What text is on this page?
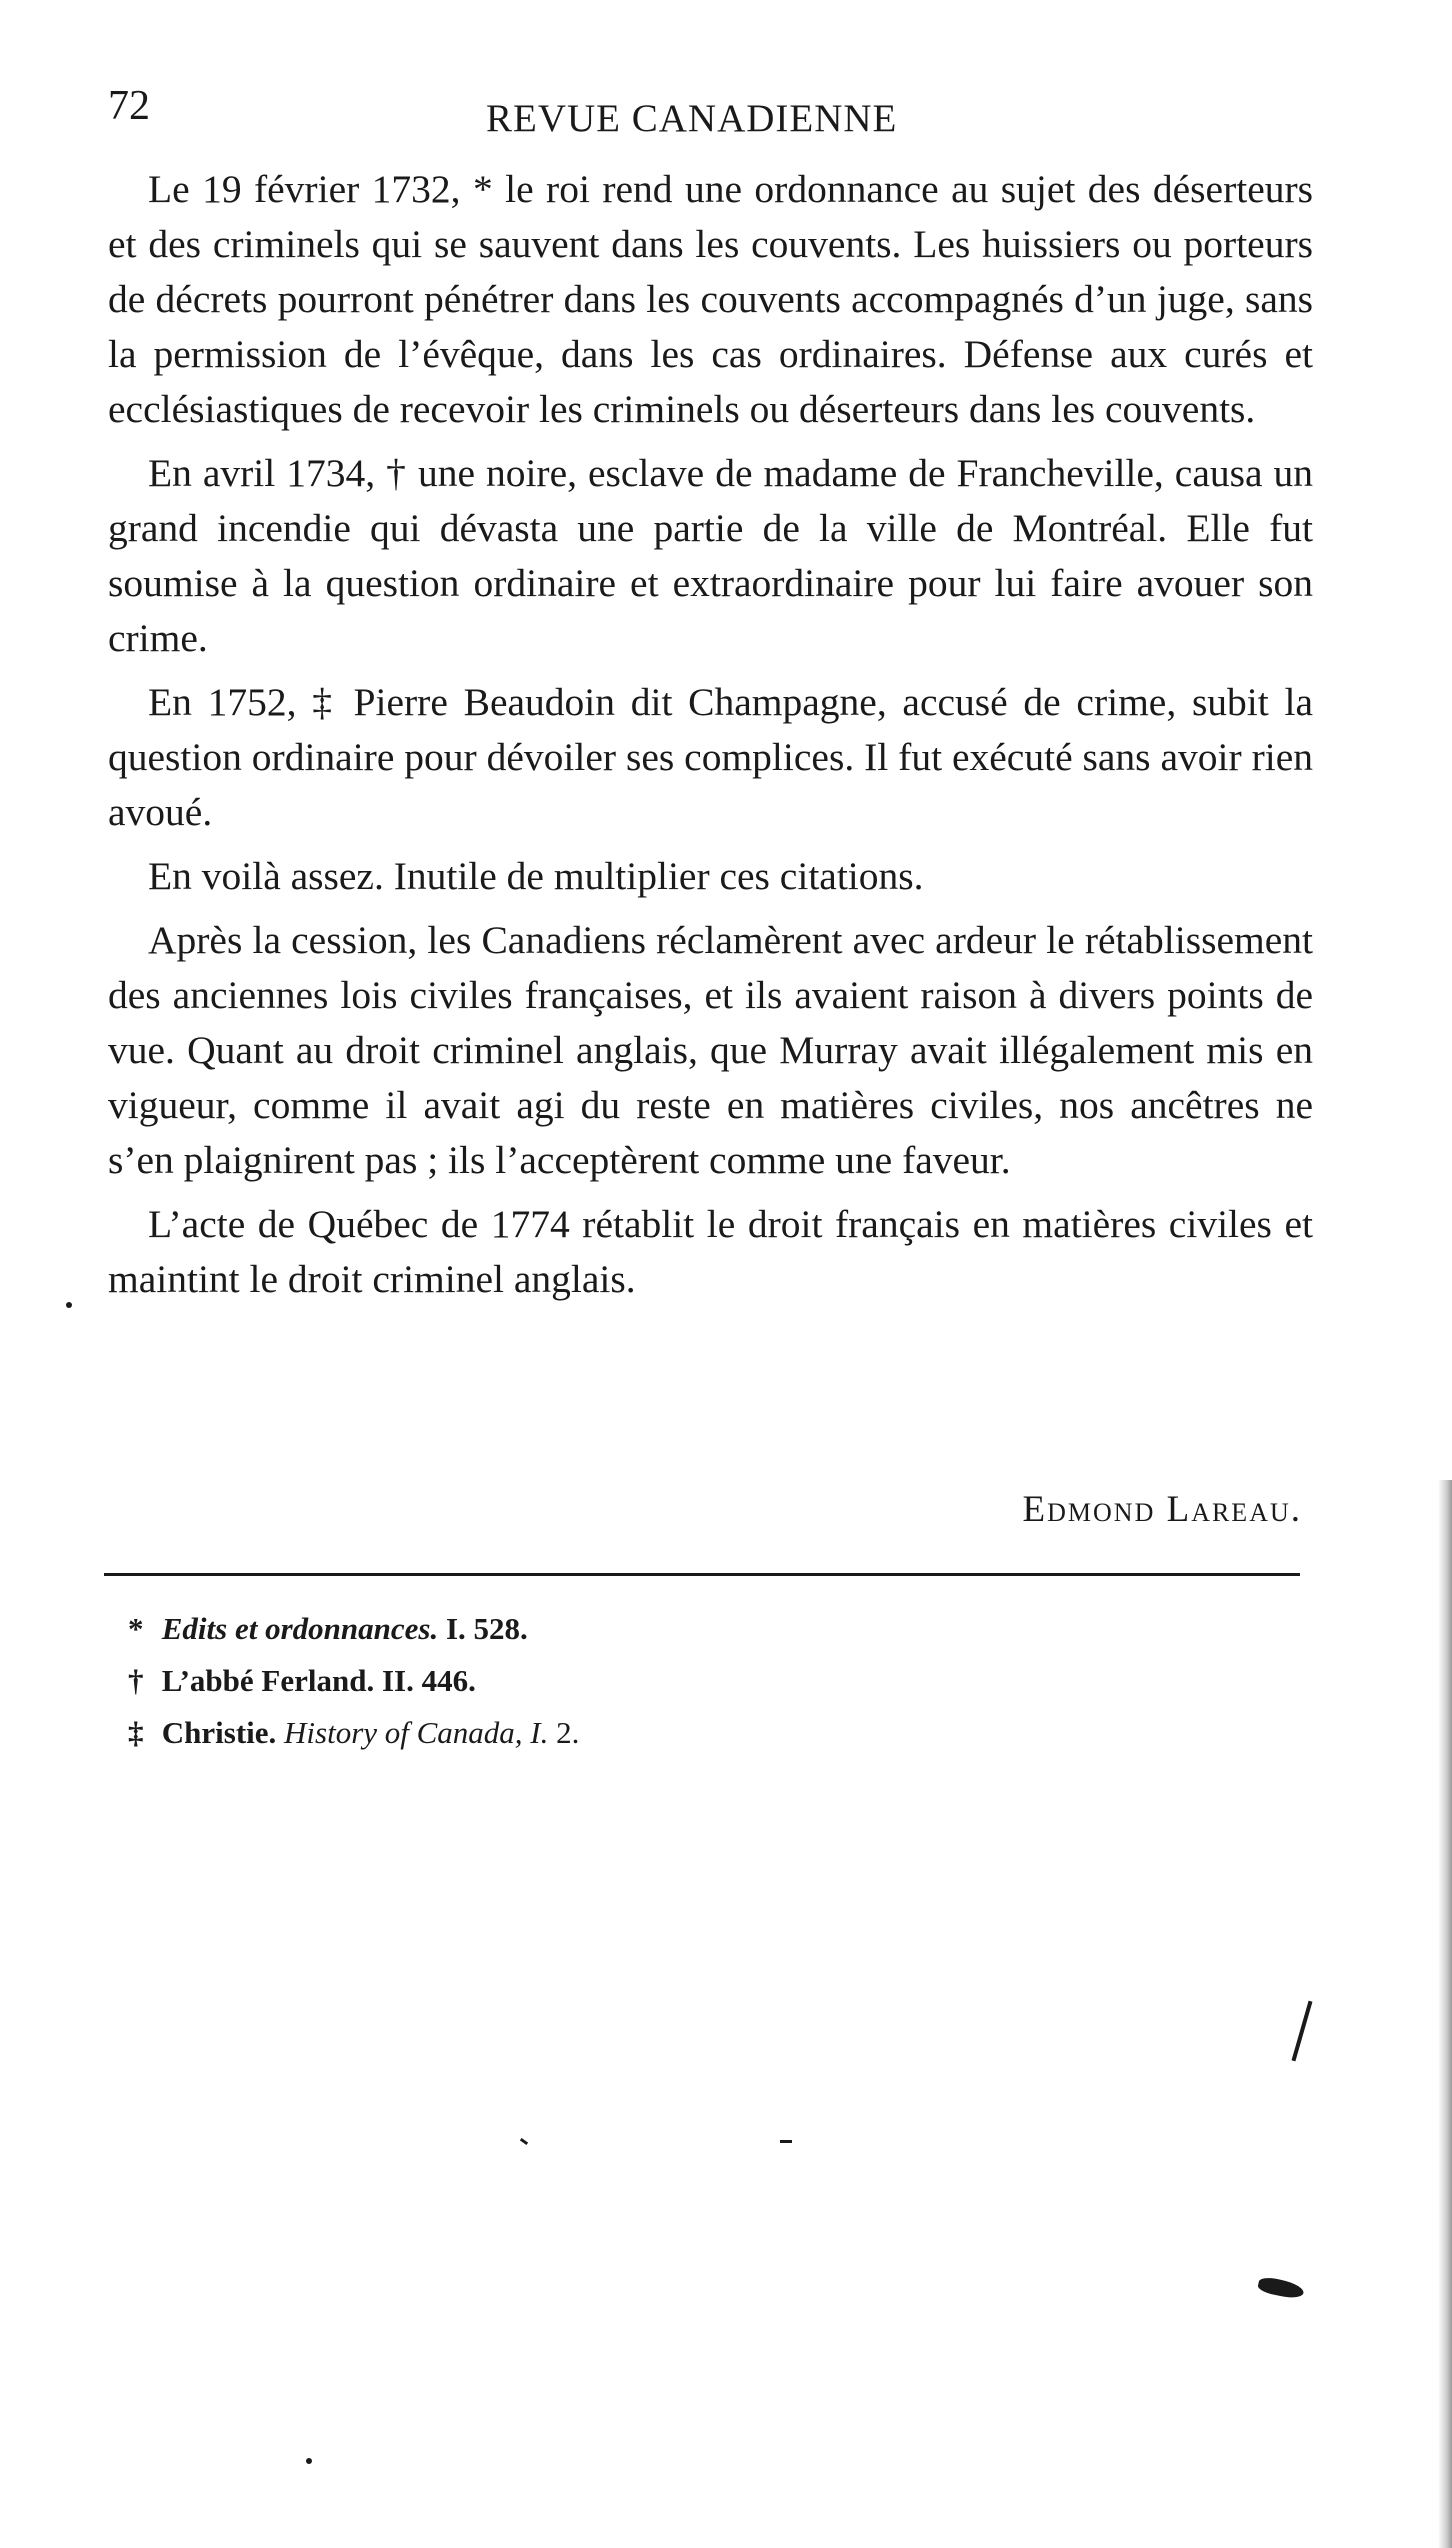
72	REVUE CANADIENNE

Le 19 février 1732, * le roi rend une ordonnance au sujet des déserteurs et des criminels qui se sauvent dans les couvents. Les huissiers ou porteurs de décrets pourront pénétrer dans les couvents accompagnés d’un juge, sans la permission de l’évêque, dans les cas ordinaires. Défense aux curés et ecclésiastiques de recevoir les criminels ou déserteurs dans les couvents.

En avril 1734, † une noire, esclave de madame de Francheville, causa un grand incendie qui dévasta une partie de la ville de Montréal. Elle fut soumise à la question ordinaire et extraordinaire pour lui faire avouer son crime.

En 1752, ‡ Pierre Beaudoin dit Champagne, accusé de crime, subit la question ordinaire pour dévoiler ses complices. Il fut exécuté sans avoir rien avoué.

En voilà assez. Inutile de multiplier ces citations.

Après la cession, les Canadiens réclamèrent avec ardeur le rétablissement des anciennes lois civiles françaises, et ils avaient raison à divers points de vue. Quant au droit criminel anglais, que Murray avait illégalement mis en vigueur, comme il avait agi du reste en matières civiles, nos ancêtres ne s’en plaignirent pas ; ils l’acceptèrent comme une faveur.

L’acte de Québec de 1774 rétablit le droit français en matières civiles et maintint le droit criminel anglais.

Edmond Lareau.
* Edits et ordonnances. I. 528.
† L’abbé Ferland. II. 446.
‡ Christie. History of Canada, I. 2.
